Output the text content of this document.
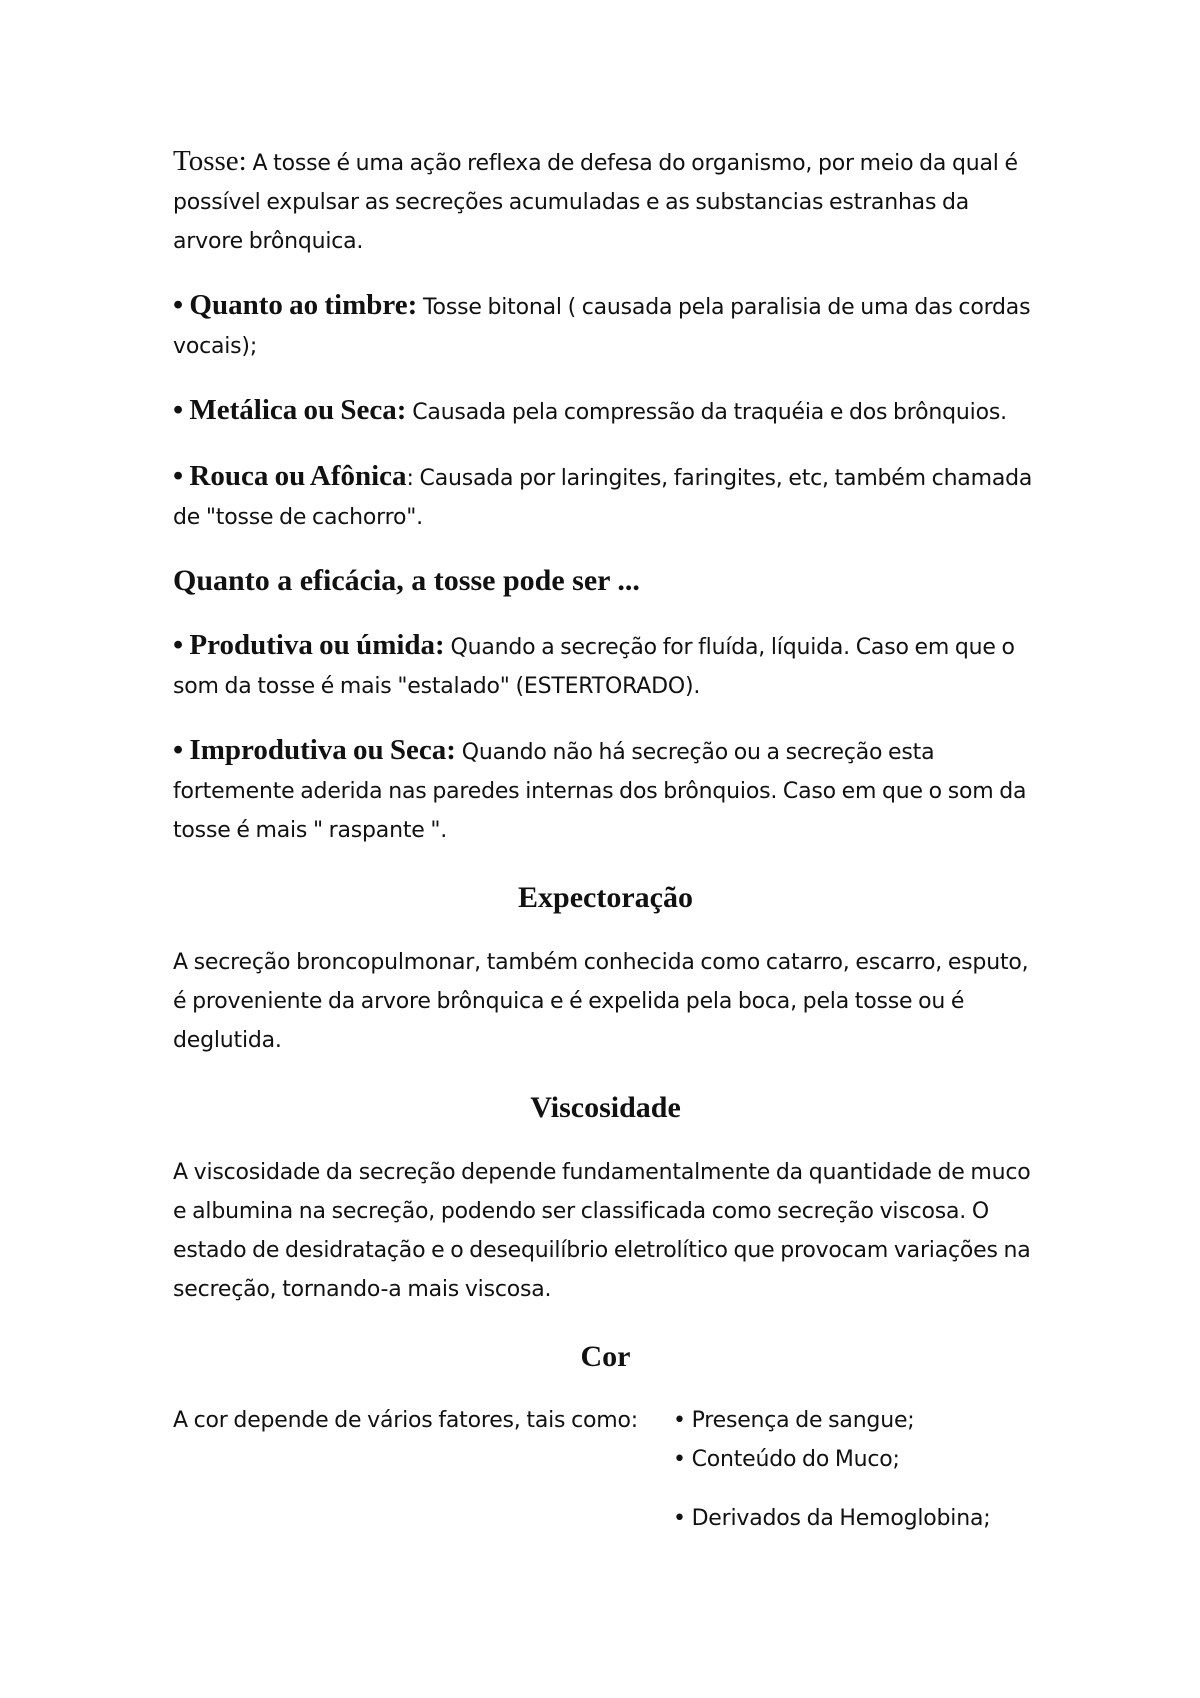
Tosse: A tosse é uma ação reflexa de defesa do organismo, por meio da qual é possível expulsar as secreções acumuladas e as substancias estranhas da arvore brônquica.

• Quanto ao timbre: Tosse bitonal ( causada pela paralisia de uma das cordas vocais);

• Metálica ou Seca: Causada pela compressão da traquéia e dos brônquios.

• Rouca ou Afônica: Causada por laringites, faringites, etc, também chamada de "tosse de cachorro".

Quanto a eficácia, a tosse pode ser ...

• Produtiva ou úmida: Quando a secreção for fluída, líquida. Caso em que o som da tosse é mais "estalado" (ESTERTORADO).

• Improdutiva ou Seca: Quando não há secreção ou a secreção esta fortemente aderida nas paredes internas dos brônquios. Caso em que o som da tosse é mais " raspante ".

Expectoração

A secreção broncopulmonar, também conhecida como catarro, escarro, esputo, é proveniente da arvore brônquica e é expelida pela boca, pela tosse ou é deglutida.

Viscosidade

A viscosidade da secreção depende fundamentalmente da quantidade de muco e albumina na secreção, podendo ser classificada como secreção viscosa. O estado de desidratação e o desequilíbrio eletrolítico que provocam variações na secreção, tornando-a mais viscosa.

Cor
A cor depende de vários fatores, tais como: • Presença de sangue;
• Conteúdo do Muco;
• Derivados da Hemoglobina;
